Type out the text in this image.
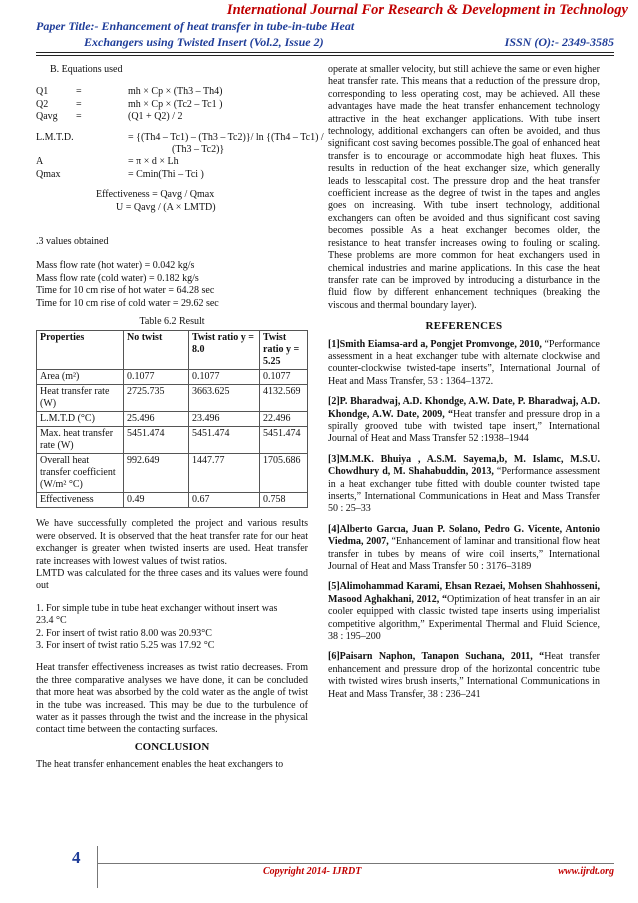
International Journal For Research & Development in Technology
Paper Title:- Enhancement of heat transfer in tube-in-tube Heat
Exchangers using Twisted Insert (Vol.2, Issue 2)	ISSN (O):- 2349-3585

B. Equations used

Q1	=	mh × Cp × (Th3 – Th4)
Q2	=	mh × Cp × (Tc2 – Tc1 )
Qavg =	(Q1 + Q2) / 2
L.M.T.D.	= {(Th4 – Tc1) – (Th3 – Tc2)}/ ln {(Th4 – Tc1) /
(Th3 – Tc2)}
A	= π × d × Lh
Qmax	= Cmin(Thi – Tci )

Effectiveness = Qavg / Qmax

U = Qavg / (A × LMTD)

.3 values obtained

Mass flow rate (hot water) = 0.042 kg/s

Mass flow rate (cold water) = 0.182 kg/s

Time for 10 cm rise of hot water = 64.28 sec

Time for 10 cm rise of cold water = 29.62 sec

Table 6.2 Result

Properties	No twist	Twist ratio y = 8.0	Twist ratio y = 5.25
Area (m²)	0.1077	0.1077	0.1077
Heat transfer rate (W)	2725.735	3663.625	4132.569
L.M.T.D (°C)	25.496	23.496	22.496
Max. heat transfer rate (W)	5451.474	5451.474	5451.474
Overall heat transfer coefficient (W/m² °C)	992.649	1447.77	1705.686
Effectiveness	0.49	0.67	0.758

We have successfully completed the project and various results were observed. It is observed that the heat transfer rate for our heat exchanger is greater when twisted inserts are used. Heat transfer rate increases with lowest values of twist ratios.

LMTD was calculated for the three cases and its values were found out

1. For simple tube in tube heat exchanger without insert was

23.4 °C

2. For insert of twist ratio 8.00 was 20.93°C

3. For insert of twist ratio 5.25 was 17.92 °C

Heat transfer effectiveness increases as twist ratio decreases. From the three comparative analyses we have done, it can be concluded that more heat was absorbed by the cold water as the angle of twist in the tube was increased. This may be due to the turbulence of water as it passes through the twist and the increase in the physical contact time between the contacting surfaces.

CONCLUSION

The heat transfer enhancement enables the heat exchangers to

operate at smaller velocity, but still achieve the same or even higher heat transfer rate. This means that a reduction of the pressure drop, corresponding to less operating cost, may be achieved. All these advantages have made the heat transfer enhancement technology attractive in the heat exchanger applications. With tube insert technology, additional exchangers can often be avoided, and thus significant cost saving becomes possible.The goal of enhanced heat transfer is to encourage or accommodate high heat fluxes. This results in reduction of the heat exchanger size, which generally leads to lesscapital cost. The pressure drop and the heat transfer coefficient increase as the degree of twist in the tapes and angles goes on increasing. With tube insert technology, additional exchangers can often be avoided and thus significant cost saving becomes possible As a heat exchanger becomes older, the resistance to heat transfer increases owing to fouling or scaling. These problems are more common for heat exchangers used in chemical industries and marine applications. In this case the heat transfer rate can be improved by introducing a disturbance in the fluid flow by different enhancement techniques (breaking the viscous and thermal boundary layer).

REFERENCES
[1]Smith Eiamsa-ard a, Pongjet Promvonge, 2010, “Performance assessment in a heat exchanger tube with alternate clockwise and counter-clockwise twisted-tape inserts”, International Journal of Heat and Mass Transfer, 53 : 1364–1372.
[2]P. Bharadwaj, A.D. Khondge, A.W. Date, P. Bharadwaj, A.D. Khondge, A.W. Date, 2009, “Heat transfer and pressure drop in a spirally grooved tube with twisted tape insert,” International Journal of Heat and Mass Transfer 52 :1938–1944
[3]M.M.K. Bhuiya , A.S.M. Sayema,b, M. Islamc, M.S.U. Chowdhury d, M. Shahabuddin, 2013, “Performance assessment in a heat exchanger tube fitted with double counter twisted tape inserts,” International Communications in Heat and Mass Transfer 50 : 25–33
[4]Alberto Garcıa, Juan P. Solano, Pedro G. Vicente, Antonio Viedma, 2007, “Enhancement of laminar and transitional flow heat transfer in tubes by means of wire coil inserts,” International Journal of Heat and Mass Transfer 50 : 3176–3189
[5]Alimohammad Karami, Ehsan Rezaei, Mohsen Shahhosseni, Masood Aghakhani, 2012, “Optimization of heat transfer in an air cooler equipped with classic twisted tape inserts using imperialist competitive algorithm,” Experimental Thermal and Fluid Science, 38 : 195–200
[6]Paisarn Naphon, Tanapon Suchana, 2011, “Heat transfer enhancement and pressure drop of the horizontal concentric tube with twisted wires brush inserts,” International Communications in Heat and Mass Transfer, 38 : 236–241
4
Copyright 2014- IJRDT	www.ijrdt.org
